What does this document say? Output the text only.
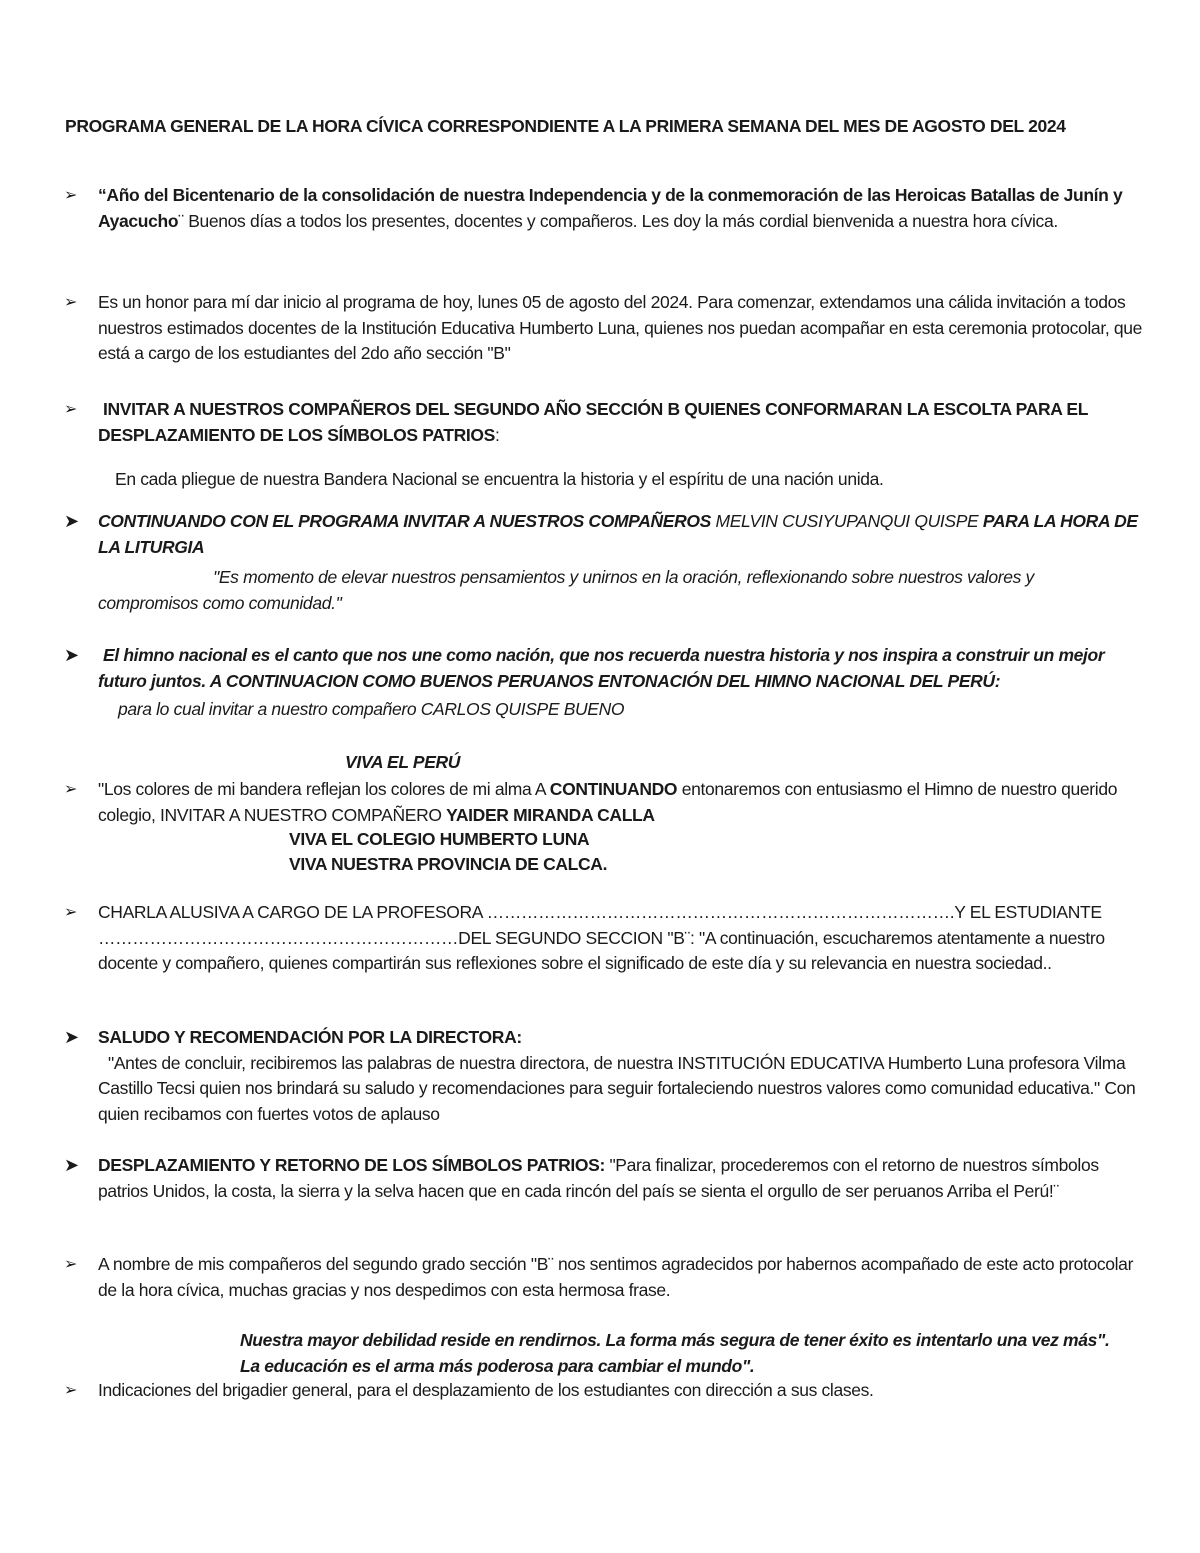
PROGRAMA GENERAL DE LA HORA CÍVICA CORRESPONDIENTE A LA PRIMERA SEMANA DEL MES DE AGOSTO DEL 2024
➢	“Año del Bicentenario de la consolidación de nuestra Independencia y de la conmemoración de las Heroicas Batallas de Junín y Ayacucho¨ Buenos días a todos los presentes, docentes y compañeros. Les doy la más cordial bienvenida a nuestra hora cívica.
➢	Es un honor para mí dar inicio al programa de hoy, lunes 05 de agosto del 2024. Para comenzar, extendamos una cálida invitación a todos nuestros estimados docentes de la Institución Educativa Humberto Luna, quienes nos puedan acompañar en esta ceremonia protocolar, que está a cargo de los estudiantes del 2do año sección "B"
➢	INVITAR A NUESTROS COMPAÑEROS DEL SEGUNDO AÑO SECCIÓN B QUIENES CONFORMARAN LA ESCOLTA PARA EL DESPLAZAMIENTO DE LOS SÍMBOLOS PATRIOS:
En cada pliegue de nuestra Bandera Nacional se encuentra la historia y el espíritu de una nación unida.
➤	CONTINUANDO CON EL PROGRAMA INVITAR A NUESTROS COMPAÑEROS MELVIN CUSIYUPANQUI QUISPE PARA LA HORA DE LA LITURGIA
"Es momento de elevar nuestros pensamientos y unirnos en la oración, reflexionando sobre nuestros valores y
compromisos como comunidad."
➤	El himno nacional es el canto que nos une como nación, que nos recuerda nuestra historia y nos inspira a construir un mejor futuro juntos. A CONTINUACION COMO BUENOS PERUANOS ENTONACIÓN DEL HIMNO NACIONAL DEL PERÚ:
para lo cual invitar a nuestro compañero CARLOS QUISPE BUENO
VIVA EL PERÚ
➢	"Los colores de mi bandera reflejan los colores de mi alma A CONTINUANDO entonaremos con entusiasmo el Himno de nuestro querido colegio, INVITAR A NUESTRO COMPAÑERO YAIDER MIRANDA CALLA
VIVA EL COLEGIO HUMBERTO LUNA
VIVA NUESTRA PROVINCIA DE CALCA.
➢	CHARLA ALUSIVA A CARGO DE LA PROFESORA ……………………………………………………………………….Y EL ESTUDIANTE
………………………………………………………DEL SEGUNDO SECCION "B¨: "A continuación, escucharemos atentamente a nuestro docente y compañero, quienes compartirán sus reflexiones sobre el significado de este día y su relevancia en nuestra sociedad..
➤	SALUDO Y RECOMENDACIÓN POR LA DIRECTORA:
"Antes de concluir, recibiremos las palabras de nuestra directora, de nuestra INSTITUCIÓN EDUCATIVA Humberto Luna profesora Vilma Castillo Tecsi quien nos brindará su saludo y recomendaciones para seguir fortaleciendo nuestros valores como comunidad educativa." Con quien recibamos con fuertes votos de aplauso
➤	DESPLAZAMIENTO Y RETORNO DE LOS SÍMBOLOS PATRIOS: "Para finalizar, procederemos con el retorno de nuestros símbolos patrios Unidos, la costa, la sierra y la selva hacen que en cada rincón del país se sienta el orgullo de ser peruanos Arriba el Perú!¨
➢	A nombre de mis compañeros del segundo grado sección "B¨ nos sentimos agradecidos por habernos acompañado de este acto protocolar de la hora cívica, muchas gracias y nos despedimos con esta hermosa frase.
Nuestra mayor debilidad reside en rendirnos. La forma más segura de tener éxito es intentarlo una vez más". La educación es el arma más poderosa para cambiar el mundo".
➢	Indicaciones del brigadier general, para el desplazamiento de los estudiantes con dirección a sus clases.
